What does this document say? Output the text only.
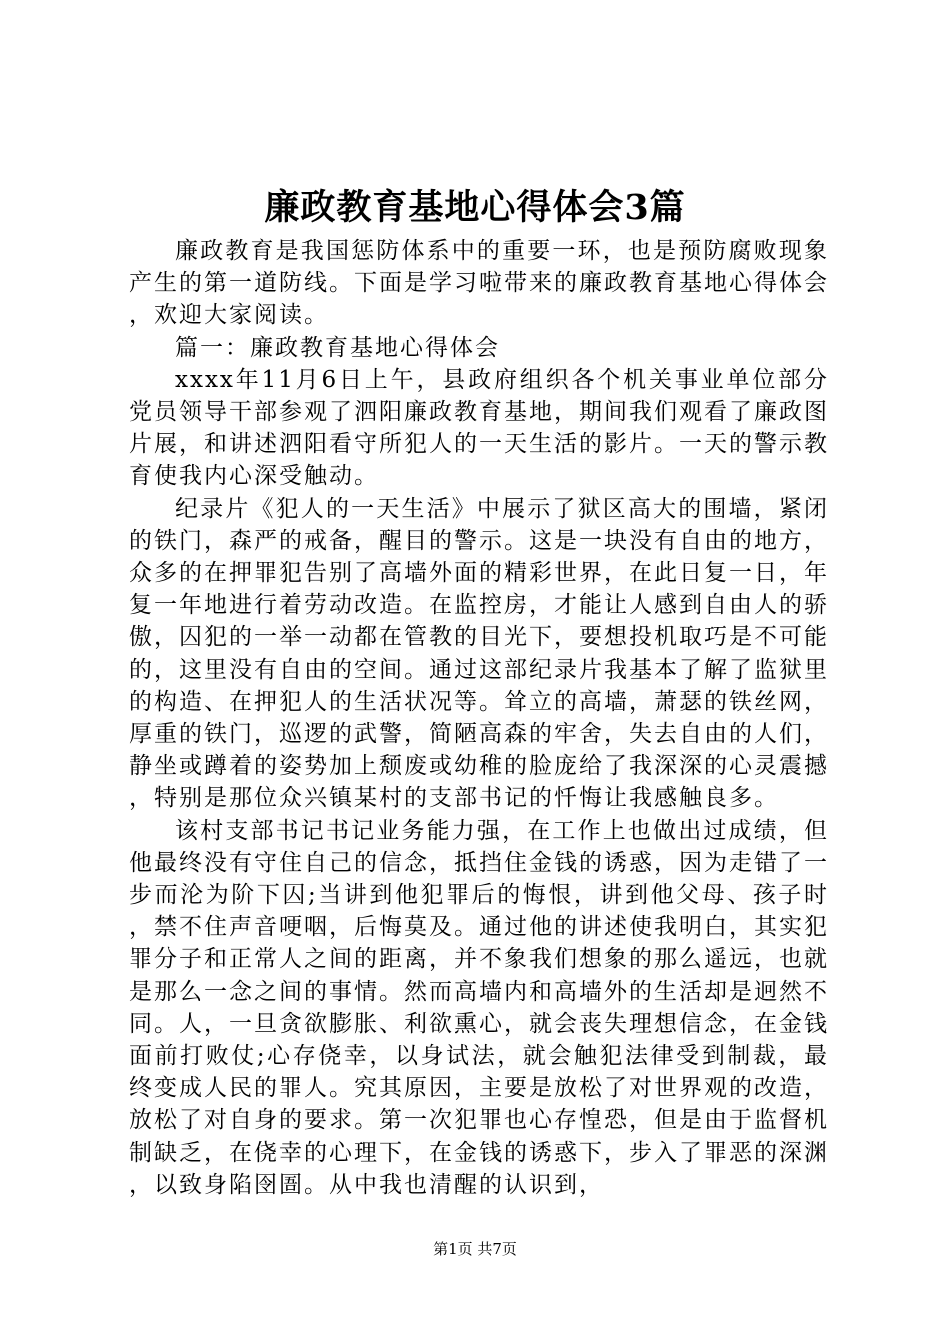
廉政教育基地心得体会3篇

廉政教育是我国惩防体系中的重要一环，也是预防腐败现象产生的第一道防线。下面是学习啦带来的廉政教育基地心得体会，欢迎大家阅读。

篇一：廉政教育基地心得体会

xxxx年11月6日上午，县政府组织各个机关事业单位部分党员领导干部参观了泗阳廉政教育基地，期间我们观看了廉政图片展，和讲述泗阳看守所犯人的一天生活的影片。一天的警示教育使我内心深受触动。

纪录片《犯人的一天生活》中展示了狱区高大的围墙，紧闭的铁门，森严的戒备，醒目的警示。这是一块没有自由的地方，众多的在押罪犯告别了高墙外面的精彩世界，在此日复一日，年复一年地进行着劳动改造。在监控房，才能让人感到自由人的骄傲，囚犯的一举一动都在管教的目光下，要想投机取巧是不可能的，这里没有自由的空间。通过这部纪录片我基本了解了监狱里的构造、在押犯人的生活状况等。耸立的高墙，萧瑟的铁丝网，厚重的铁门，巡逻的武警，简陋高森的牢舍，失去自由的人们，静坐或蹲着的姿势加上颓废或幼稚的脸庞给了我深深的心灵震撼，特别是那位众兴镇某村的支部书记的忏悔让我感触良多。

该村支部书记书记业务能力强，在工作上也做出过成绩，但他最终没有守住自己的信念，抵挡住金钱的诱惑，因为走错了一步而沦为阶下囚;当讲到他犯罪后的悔恨，讲到他父母、孩子时，禁不住声音哽咽，后悔莫及。通过他的讲述使我明白，其实犯罪分子和正常人之间的距离，并不象我们想象的那么遥远，也就是那么一念之间的事情。然而高墙内和高墙外的生活却是迥然不同。人，一旦贪欲膨胀、利欲熏心，就会丧失理想信念，在金钱面前打败仗;心存侥幸，以身试法，就会触犯法律受到制裁，最终变成人民的罪人。究其原因，主要是放松了对世界观的改造，放松了对自身的要求。第一次犯罪也心存惶恐，但是由于监督机制缺乏，在侥幸的心理下，在金钱的诱惑下，步入了罪恶的深渊，以致身陷囹圄。从中我也清醒的认识到，

第1页 共7页
